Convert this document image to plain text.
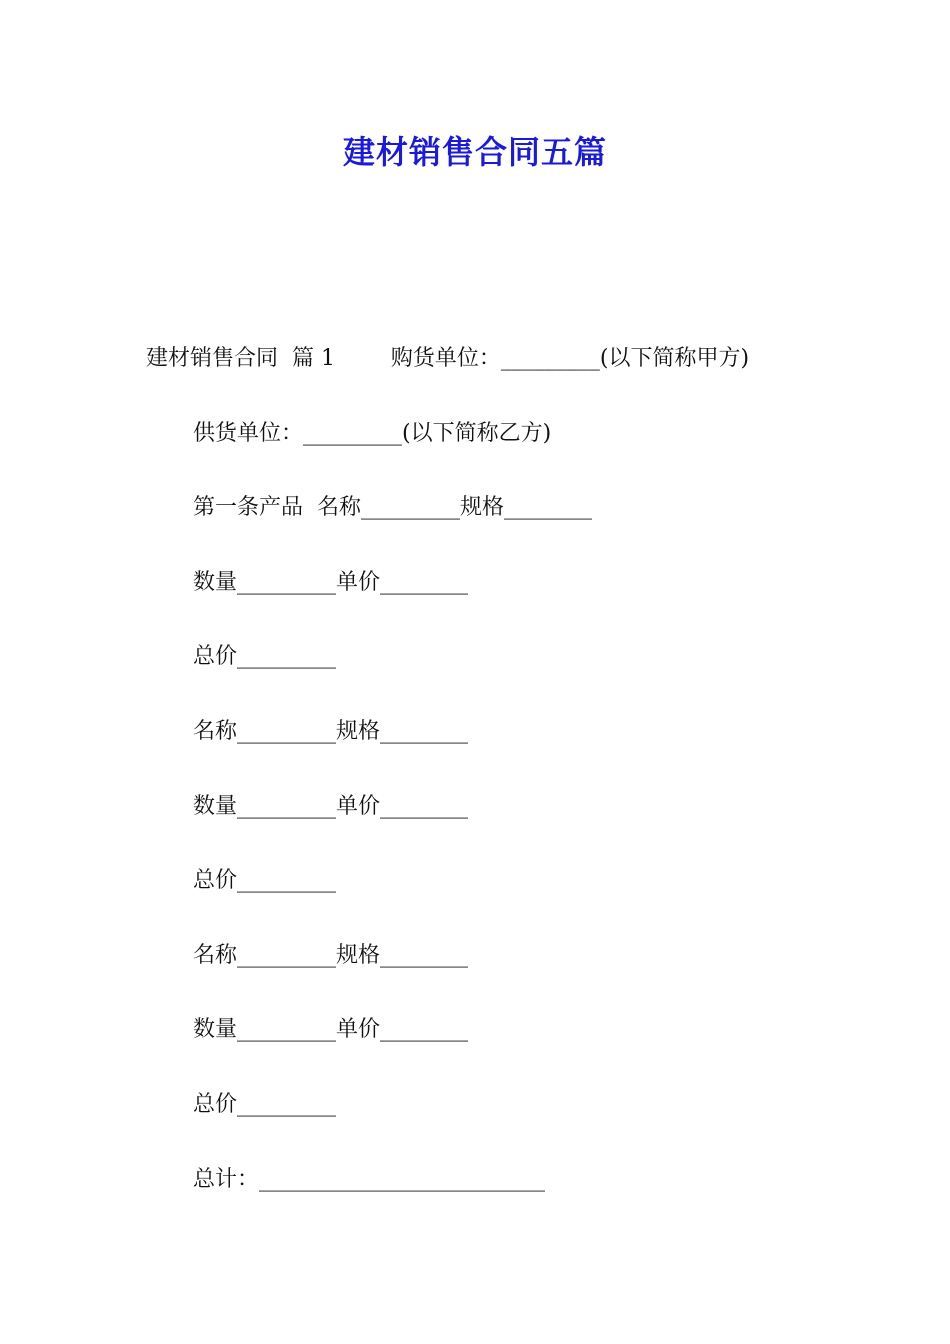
建材销售合同五篇
建材销售合同  篇 1        购货单位：_________(以下简称甲方)
供货单位：_________(以下简称乙方)
第一条产品  名称_________规格________
数量_________单价________
总价_________
名称_________规格________
数量_________单价________
总价_________
名称_________规格________
数量_________单价________
总价_________
总计：__________________________
